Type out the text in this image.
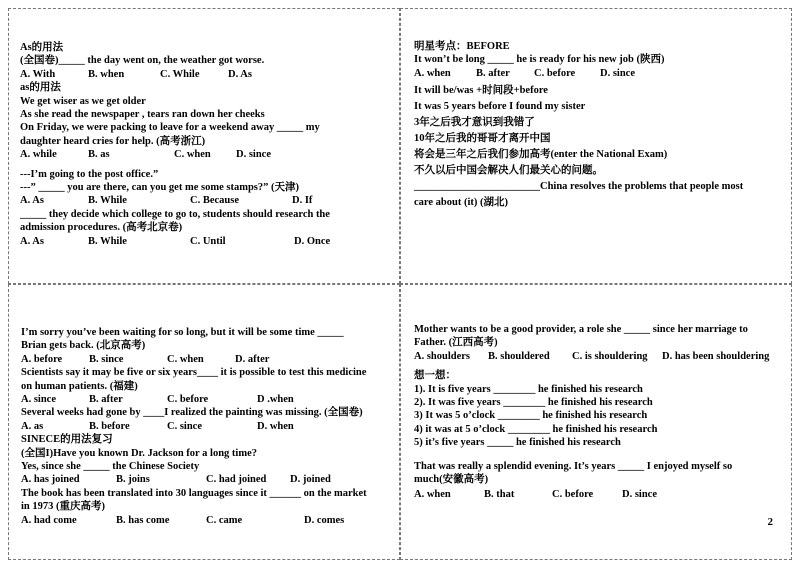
As的用法
(全国卷)_____ the day went on, the weather got worse.
A. With	B. when	C. While	D. As
as的用法
We get wiser as we get older
As she read the newspaper , tears ran down her cheeks
On Friday, we were packing to leave for a weekend away _____ my
daughter heard cries for help. (高考浙江)
A. while	B. as	C. when	D. since
---I’m going to the post office.”
---” _____ you are there, can you get me some stamps?” (天津)
A. As	B. While	C. Because	D. If
_____ they decide which college to go to, students should research the
admission procedures. (高考北京卷)
A. As	B. While	C. Until	D. Once
明星考点：BEFORE
It won’t be long _____ he is ready for his new job (陕西)
A. when	B. after	C. before	D. since
It will be/was +时间段+before
It was 5 years before I found my sister
3年之后我才意识到我错了
10年之后我的哥哥才离开中国
将会是三年之后我们参加高考(enter the National Exam)
不久以后中国会解决人们最关心的问题。
________________________China resolves the problems that people most
care about (it) (湖北)
I’m sorry you’ve been waiting for so long, but it will be some time _____
Brian gets back. (北京高考)
A. before	B. since	C. when	D. after
Scientists say it may be five or six years____ it is possible to test this medicine
on human patients. (福建)
A. since	B. after	C. before	D .when
Several weeks had gone by ____I realized the painting was missing. (全国卷)
A. as	B. before	C. since	D. when
SINECE的用法复习
(全国I)Have you known Dr. Jackson for a long time?
Yes, since she _____ the Chinese Society
A. has joined	B. joins	C. had joined	D. joined
The book has been translated into 30 languages since it ______ on the market
in 1973 (重庆高考)
A. had come	B. has come	C. came	D. comes
Mother wants to be a good provider, a role she _____ since her marriage to
Father. (江西高考)
A. shoulders	B. shouldered	C. is shouldering	D. has been shouldering
想一想：
1). It is five years ________ he finished his research
2). It was five years ________ he finished his research
3) It was 5 o’clock ________ he finished his research
4) it was at 5 o’clock ________ he finished his research
5) it’s five years _____ he finished his research
That was really a splendid evening. It’s years _____ I enjoyed myself so
much(安徽高考)
A. when	B. that	C. before	D. since
2
